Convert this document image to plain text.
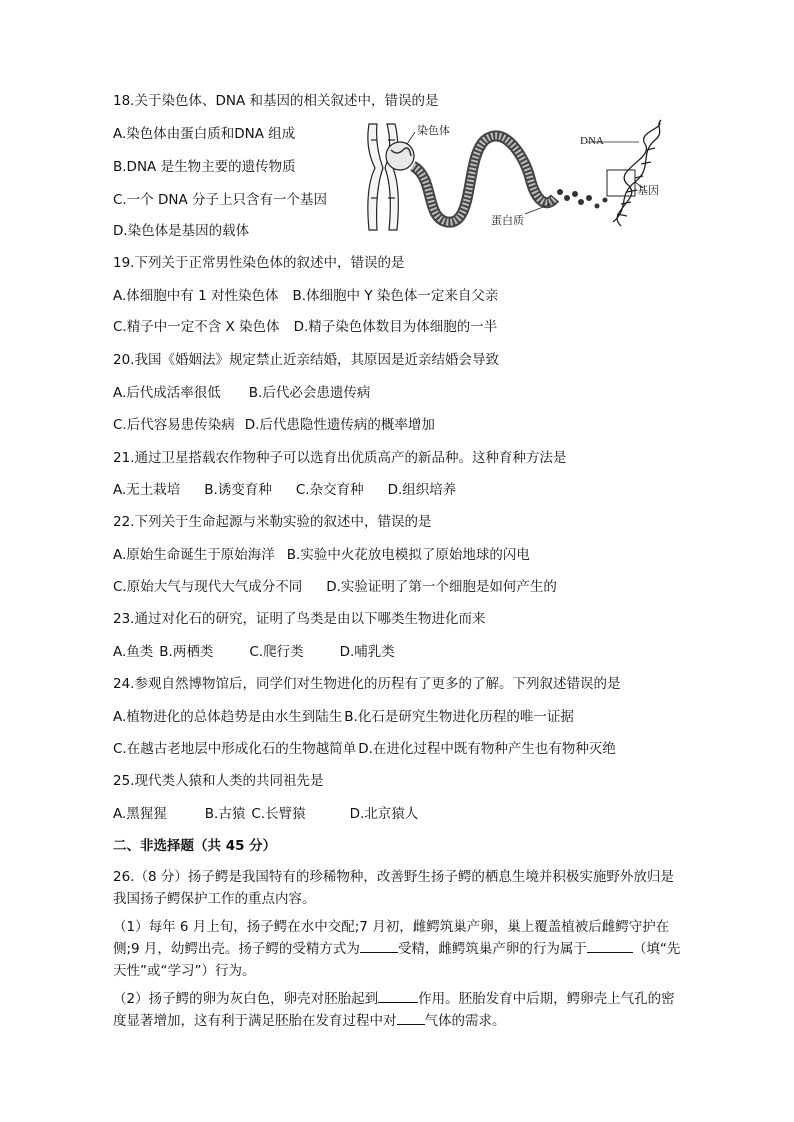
18.关于染色体、DNA 和基因的相关叙述中，错误的是
A.染色体由蛋白质和DNA 组成
B.DNA 是生物主要的遗传物质
C.一个 DNA 分子上只含有一个基因
D.染色体是基因的载体
染色体
蛋白质
DNA
基因
19.下列关于正常男性染色体的叙述中，错误的是
A.体细胞中有 1 对性染色体 B.体细胞中 Y 染色体一定来自父亲
C.精子中一定不含 X 染色体 D.精子染色体数目为体细胞的一半
20.我国《婚姻法》规定禁止近亲结婚，其原因是近亲结婚会导致
A.后代成活率很低 B.后代必会患遗传病
C.后代容易患传染病 D.后代患隐性遗传病的概率增加
21.通过卫星搭载农作物种子可以选育出优质高产的新品种。这种育种方法是
A.无土栽培 B.诱变育种 C.杂交育种 D.组织培养
22.下列关于生命起源与米勒实验的叙述中，错误的是
A.原始生命诞生于原始海洋 B.实验中火花放电模拟了原始地球的闪电
C.原始大气与现代大气成分不同 D.实验证明了第一个细胞是如何产生的
23.通过对化石的研究，证明了鸟类是由以下哪类生物进化而来
A.鱼类 B.两栖类	C.爬行类	D.哺乳类
24.参观自然博物馆后，同学们对生物进化的历程有了更多的了解。下列叙述错误的是
A.植物进化的总体趋势是由水生到陆生 B.化石是研究生物进化历程的唯一证据
C.在越古老地层中形成化石的生物越简单 D.在进化过程中既有物种产生也有物种灭绝
25.现代类人猿和人类的共同祖先是
A.黑猩猩	B.古猿 C.长臂猿	D.北京猿人
二、非选择题（共 45 分）
26.（8 分）扬子鳄是我国特有的珍稀物种，改善野生扬子鳄的栖息生境并积极实施野外放归是我国扬子鳄保护工作的重点内容。
（1）每年 6 月上旬，扬子鳄在水中交配;7 月初，雌鳄筑巢产卵，巢上覆盖植被后雌鳄守护在侧;9 月，幼鳄出壳。扬子鳄的受精方式为	受精，雌鳄筑巢产卵的行为属于	（填“先天性”或“学习”）行为。
（2）扬子鳄的卵为灰白色，卵壳对胚胎起到	作用。胚胎发育中后期，鳄卵壳上气孔的密度显著增加，这有利于满足胚胎在发育过程中对 气体的需求。
